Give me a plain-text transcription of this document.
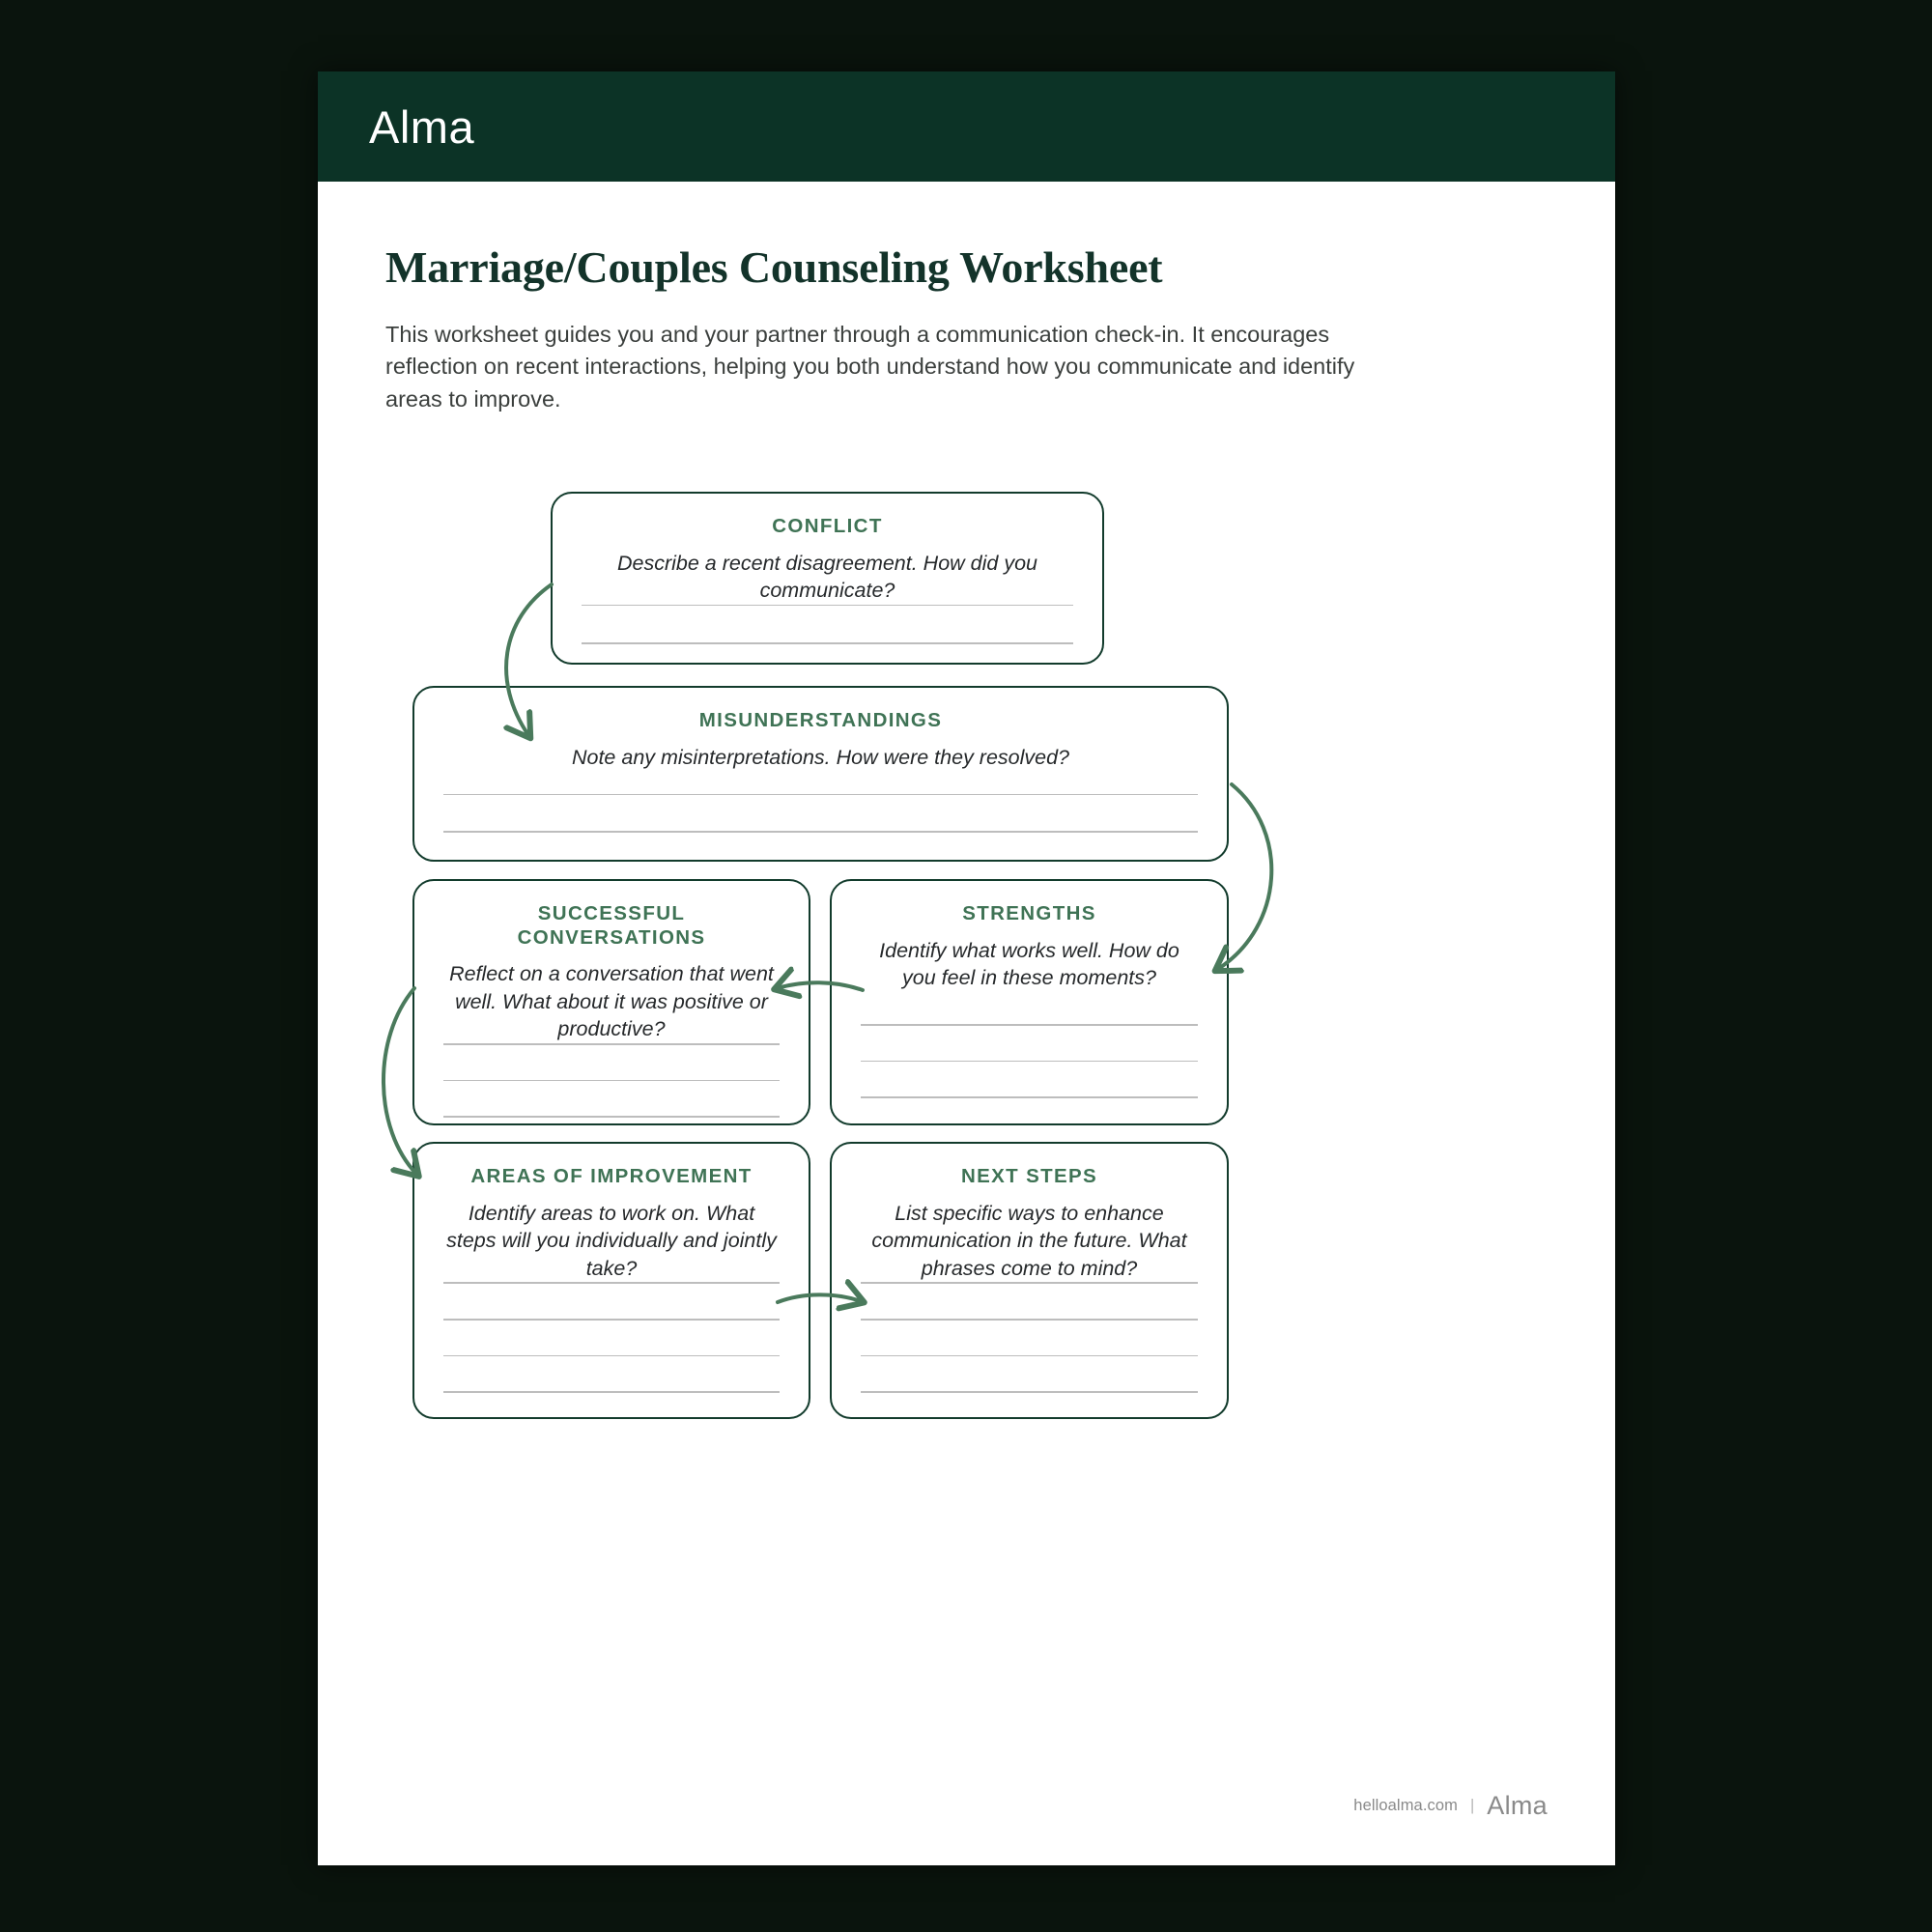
Alma
Marriage/Couples Counseling Worksheet

This worksheet guides you and your partner through a communication check-in. It encourages reflection on recent interactions, helping you both understand how you communicate and identify areas to improve.

CONFLICT
Describe a recent disagreement. How did you communicate?
MISUNDERSTANDINGS
Note any misinterpretations. How were they resolved?
SUCCESSFUL CONVERSATIONS
Reflect on a conversation that went well. What about it was positive or productive?
STRENGTHS
Identify what works well. How do you feel in these moments?
AREAS OF IMPROVEMENT
Identify areas to work on. What steps will you individually and jointly take?
NEXT STEPS
List specific ways to enhance communication in the future. What phrases come to mind?
helloalma.com | Alma
